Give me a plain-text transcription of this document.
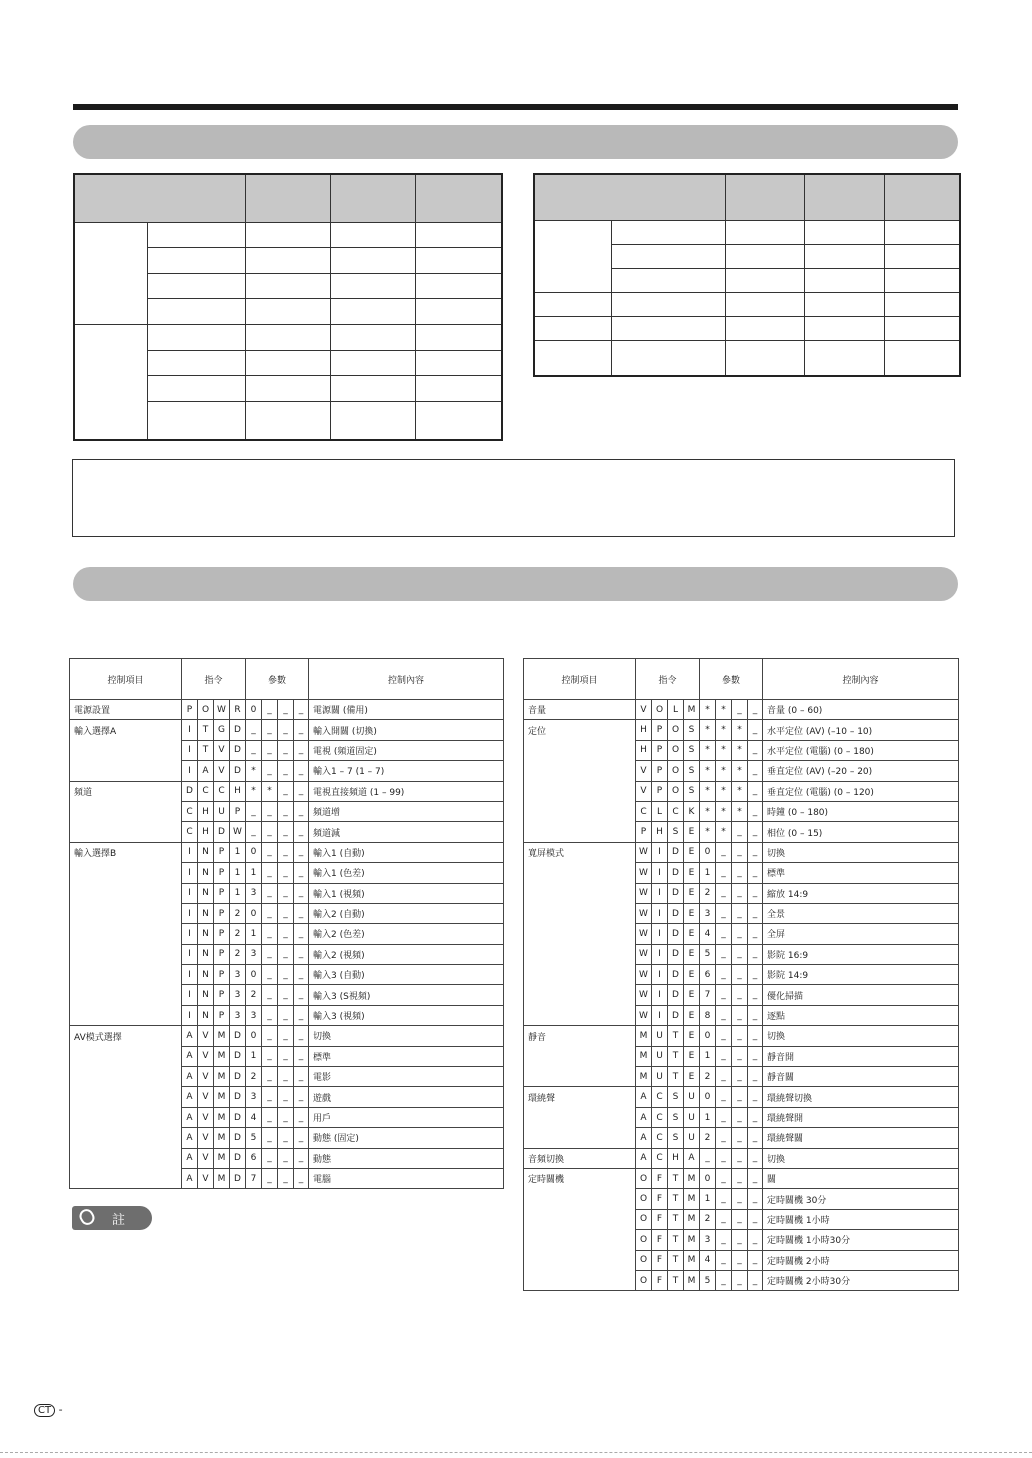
控制項目	指令				參數				控制內容
電源設置	P	O	W	R	0	_	_	_	電源關 (備用)
輸入選擇A	I	T	G	D	_	_	_	_	輸入開關 (切換)
	I	T	V	D	_	_	_	_	電視 (頻道固定)
	I	A	V	D	*	_	_	_	輸入1 – 7 (1 – 7)
頻道	D	C	C	H	*	*	_	_	電視直接頻道 (1 – 99)
	C	H	U	P	_	_	_	_	頻道增
	C	H	D	W	_	_	_	_	頻道減
輸入選擇B	I	N	P	1	0	_	_	_	輸入1 (自動)
	I	N	P	1	1	_	_	_	輸入1 (色差)
	I	N	P	1	3	_	_	_	輸入1 (視頻)
	I	N	P	2	0	_	_	_	輸入2 (自動)
	I	N	P	2	1	_	_	_	輸入2 (色差)
	I	N	P	2	3	_	_	_	輸入2 (視頻)
	I	N	P	3	0	_	_	_	輸入3 (自動)
	I	N	P	3	2	_	_	_	輸入3 (S視頻)
	I	N	P	3	3	_	_	_	輸入3 (視頻)
AV模式選擇	A	V	M	D	0	_	_	_	切換
	A	V	M	D	1	_	_	_	標準
	A	V	M	D	2	_	_	_	電影
	A	V	M	D	3	_	_	_	遊戲
	A	V	M	D	4	_	_	_	用戶
	A	V	M	D	5	_	_	_	動態 (固定)
	A	V	M	D	6	_	_	_	動態
	A	V	M	D	7	_	_	_	電腦
控制項目	指令				參數				控制內容
音量	V	O	L	M	*	*	_	_	音量 (0 – 60)
定位	H	P	O	S	*	*	*	_	水平定位 (AV) (–10 – 10)
	H	P	O	S	*	*	*	_	水平定位 (電腦) (0 – 180)
	V	P	O	S	*	*	*	_	垂直定位 (AV) (–20 – 20)
	V	P	O	S	*	*	*	_	垂直定位 (電腦) (0 – 120)
	C	L	C	K	*	*	*	_	時鐘 (0 – 180)
	P	H	S	E	*	*	_	_	相位 (0 – 15)
寬屏模式	W	I	D	E	0	_	_	_	切換
	W	I	D	E	1	_	_	_	標準
	W	I	D	E	2	_	_	_	縮放 14:9
	W	I	D	E	3	_	_	_	全景
	W	I	D	E	4	_	_	_	全屏
	W	I	D	E	5	_	_	_	影院 16:9
	W	I	D	E	6	_	_	_	影院 14:9
	W	I	D	E	7	_	_	_	優化掃描
	W	I	D	E	8	_	_	_	逐點
靜音	M	U	T	E	0	_	_	_	切換
	M	U	T	E	1	_	_	_	靜音開
	M	U	T	E	2	_	_	_	靜音關
環繞聲	A	C	S	U	0	_	_	_	環繞聲切換
	A	C	S	U	1	_	_	_	環繞聲開
	A	C	S	U	2	_	_	_	環繞聲關
音頻切換	A	C	H	A	_	_	_	_	切換
定時關機	O	F	T	M	0	_	_	_	關
	O	F	T	M	1	_	_	_	定時關機 30分
	O	F	T	M	2	_	_	_	定時關機 1小時
	O	F	T	M	3	_	_	_	定時關機 1小時30分
	O	F	T	M	4	_	_	_	定時關機 2小時
	O	F	T	M	5	_	_	_	定時關機 2小時30分
註
CT -
